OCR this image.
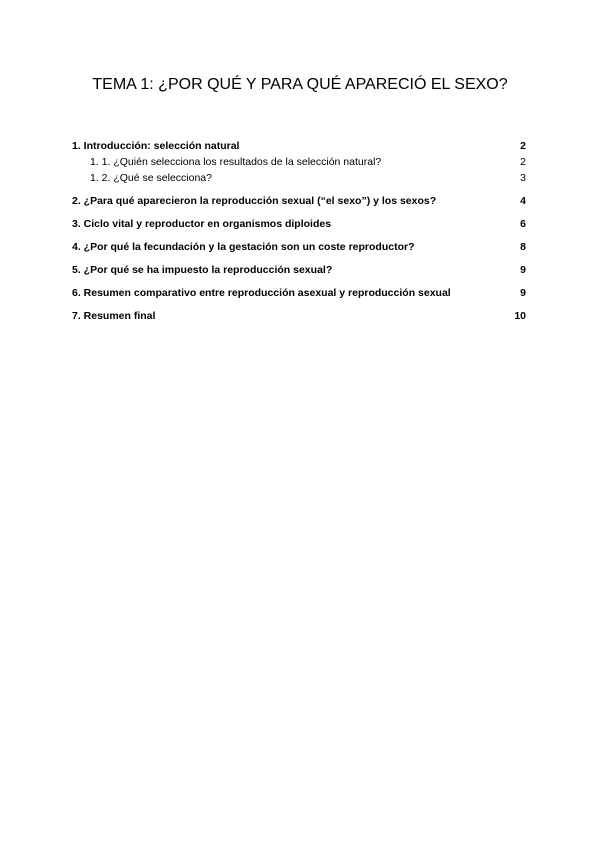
TEMA 1: ¿POR QUÉ Y PARA QUÉ APARECIÓ EL SEXO?
1. Introducción: selección natural	2
1. 1. ¿Quién selecciona los resultados de la selección natural?	2
1. 2. ¿Qué se selecciona?	3
2. ¿Para qué aparecieron la reproducción sexual (“el sexo”) y los sexos?	4
3. Ciclo vital y reproductor en organismos diploides	6
4. ¿Por qué la fecundación y la gestación son un coste reproductor?	8
5. ¿Por qué se ha impuesto la reproducción sexual?	9
6. Resumen comparativo entre reproducción asexual y reproducción sexual	9
7. Resumen final	10
